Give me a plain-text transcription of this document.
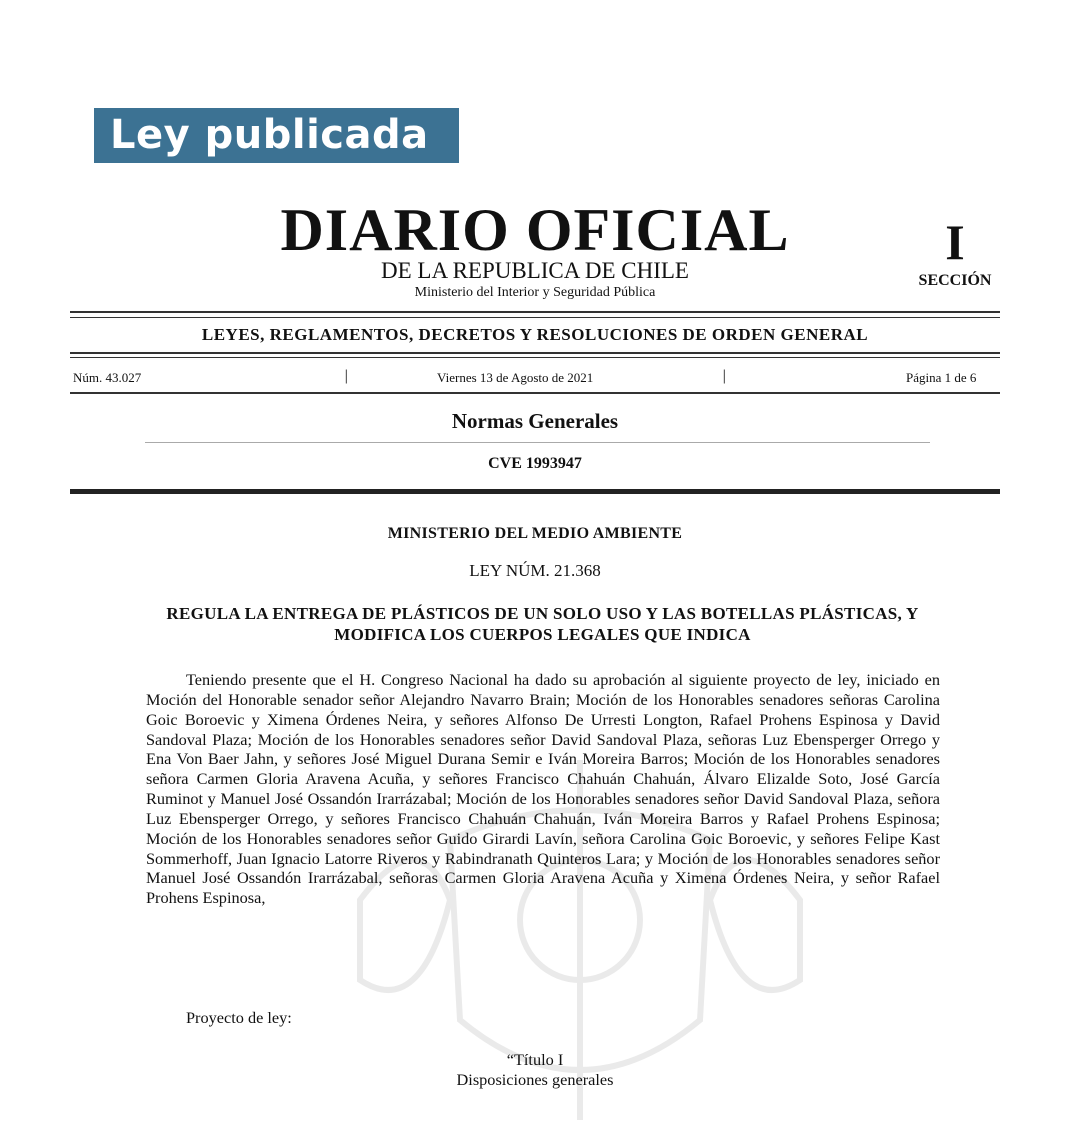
Ley publicada
DIARIO OFICIAL
DE LA REPUBLICA DE CHILE
Ministerio del Interior y Seguridad Pública
I
SECCIÓN
LEYES, REGLAMENTOS, DECRETOS Y RESOLUCIONES DE ORDEN GENERAL
Núm. 43.027	|	Viernes 13 de Agosto de 2021	|	Página 1 de 6
Normas Generales
CVE 1993947
MINISTERIO DEL MEDIO AMBIENTE
LEY NÚM. 21.368
REGULA LA ENTREGA DE PLÁSTICOS DE UN SOLO USO Y LAS BOTELLAS PLÁSTICAS, Y MODIFICA LOS CUERPOS LEGALES QUE INDICA

Teniendo presente que el H. Congreso Nacional ha dado su aprobación al siguiente proyecto de ley, iniciado en Moción del Honorable senador señor Alejandro Navarro Brain; Moción de los Honorables senadores señoras Carolina Goic Boroevic y Ximena Órdenes Neira, y señores Alfonso De Urresti Longton, Rafael Prohens Espinosa y David Sandoval Plaza; Moción de los Honorables senadores señor David Sandoval Plaza, señoras Luz Ebensperger Orrego y Ena Von Baer Jahn, y señores José Miguel Durana Semir e Iván Moreira Barros; Moción de los Honorables senadores señora Carmen Gloria Aravena Acuña, y señores Francisco Chahuán Chahuán, Álvaro Elizalde Soto, José García Ruminot y Manuel José Ossandón Irarrázabal; Moción de los Honorables senadores señor David Sandoval Plaza, señora Luz Ebensperger Orrego, y señores Francisco Chahuán Chahuán, Iván Moreira Barros y Rafael Prohens Espinosa; Moción de los Honorables senadores señor Guido Girardi Lavín, señora Carolina Goic Boroevic, y señores Felipe Kast Sommerhoff, Juan Ignacio Latorre Riveros y Rabindranath Quinteros Lara; y Moción de los Honorables senadores señor Manuel José Ossandón Irarrázabal, señoras Carmen Gloria Aravena Acuña y Ximena Órdenes Neira, y señor Rafael Prohens Espinosa,

Proyecto de ley:
“Título I
Disposiciones generales
